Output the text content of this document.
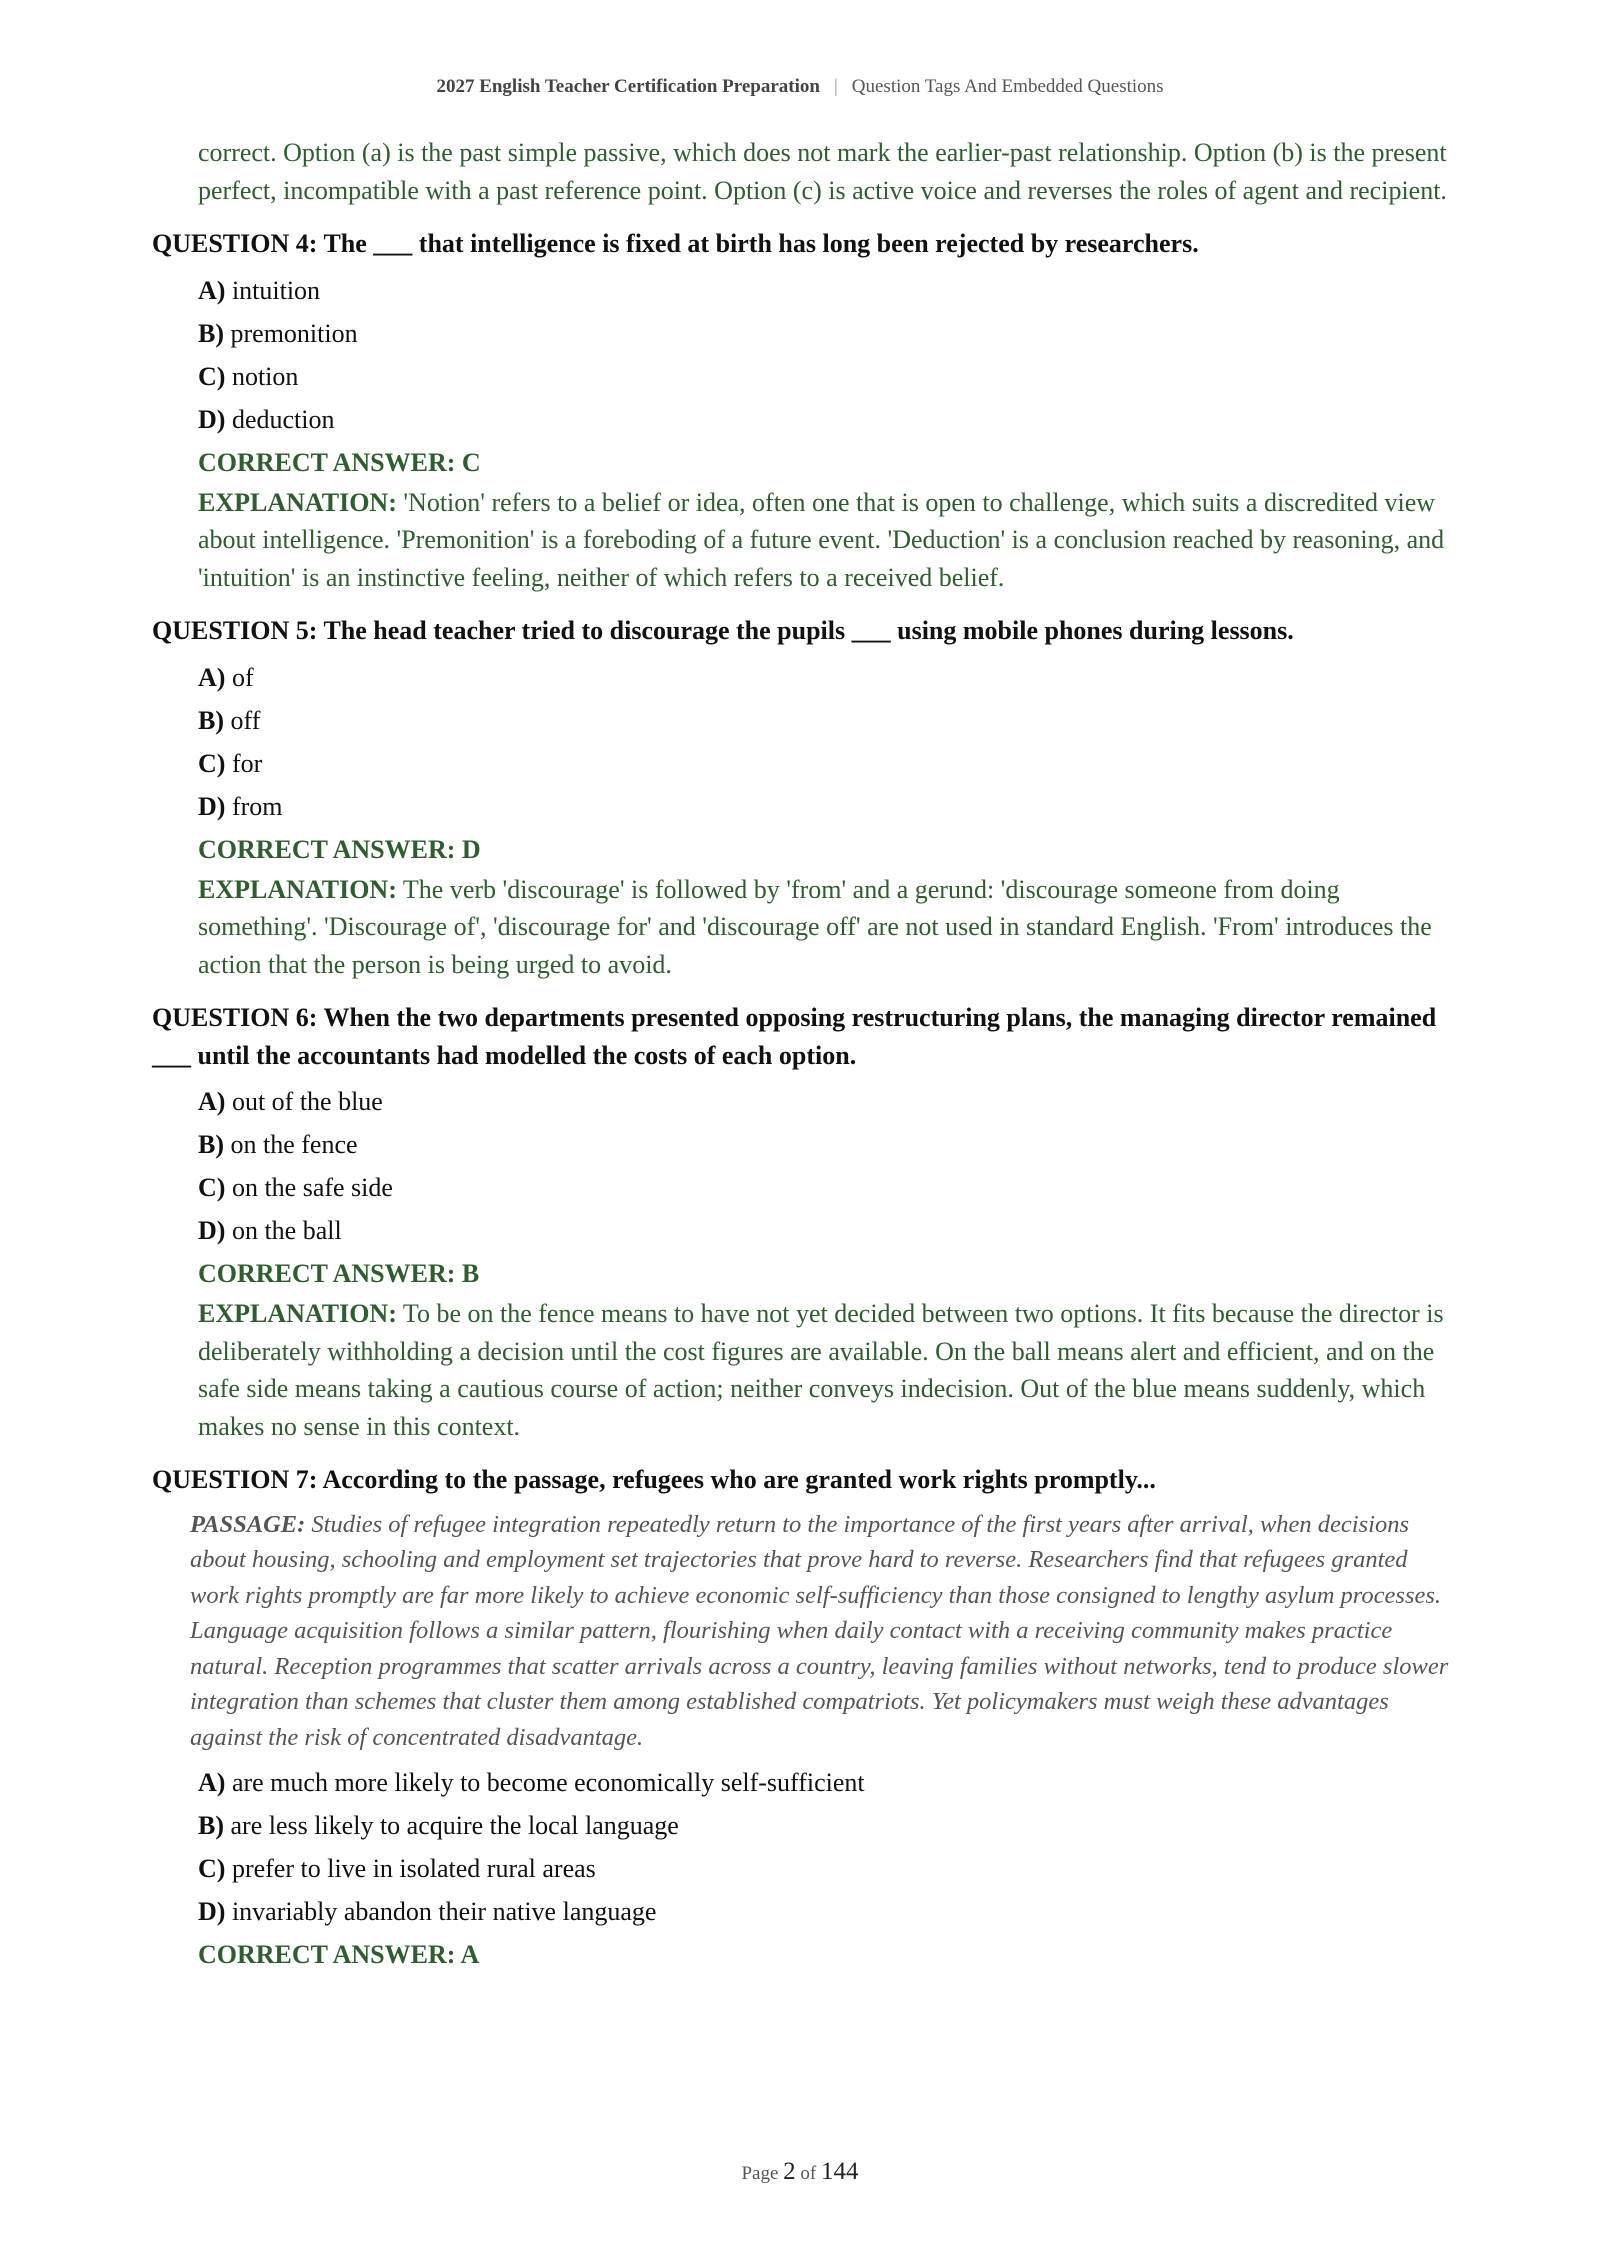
2027 English Teacher Certification Preparation | Question Tags And Embedded Questions

correct. Option (a) is the past simple passive, which does not mark the earlier-past relationship. Option (b) is the present perfect, incompatible with a past reference point. Option (c) is active voice and reverses the roles of agent and recipient.

QUESTION 4: The ___ that intelligence is fixed at birth has long been rejected by researchers.

A) intuition
B) premonition
C) notion
D) deduction

CORRECT ANSWER: C

EXPLANATION: 'Notion' refers to a belief or idea, often one that is open to challenge, which suits a discredited view about intelligence. 'Premonition' is a foreboding of a future event. 'Deduction' is a conclusion reached by reasoning, and 'intuition' is an instinctive feeling, neither of which refers to a received belief.

QUESTION 5: The head teacher tried to discourage the pupils ___ using mobile phones during lessons.

A) of
B) off
C) for
D) from

CORRECT ANSWER: D

EXPLANATION: The verb 'discourage' is followed by 'from' and a gerund: 'discourage someone from doing something'. 'Discourage of', 'discourage for' and 'discourage off' are not used in standard English. 'From' introduces the action that the person is being urged to avoid.

QUESTION 6: When the two departments presented opposing restructuring plans, the managing director remained ___ until the accountants had modelled the costs of each option.

A) out of the blue
B) on the fence
C) on the safe side
D) on the ball

CORRECT ANSWER: B

EXPLANATION: To be on the fence means to have not yet decided between two options. It fits because the director is deliberately withholding a decision until the cost figures are available. On the ball means alert and efficient, and on the safe side means taking a cautious course of action; neither conveys indecision. Out of the blue means suddenly, which makes no sense in this context.

QUESTION 7: According to the passage, refugees who are granted work rights promptly...

PASSAGE: Studies of refugee integration repeatedly return to the importance of the first years after arrival, when decisions about housing, schooling and employment set trajectories that prove hard to reverse. Researchers find that refugees granted work rights promptly are far more likely to achieve economic self-sufficiency than those consigned to lengthy asylum processes. Language acquisition follows a similar pattern, flourishing when daily contact with a receiving community makes practice natural. Reception programmes that scatter arrivals across a country, leaving families without networks, tend to produce slower integration than schemes that cluster them among established compatriots. Yet policymakers must weigh these advantages against the risk of concentrated disadvantage.

A) are much more likely to become economically self-sufficient
B) are less likely to acquire the local language
C) prefer to live in isolated rural areas
D) invariably abandon their native language

CORRECT ANSWER: A

Page 2 of 144
